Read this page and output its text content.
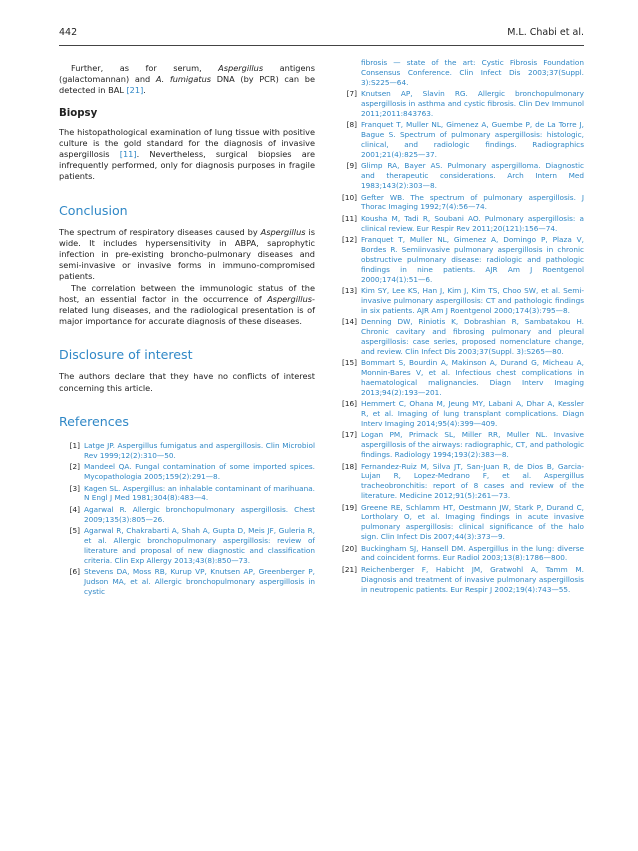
442	M.L. Chabi et al.

Further, as for serum, Aspergillus antigens (galactomannan) and A. fumigatus DNA (by PCR) can be detected in BAL [21].

Biopsy

The histopathological examination of lung tissue with positive culture is the gold standard for the diagnosis of invasive aspergillosis [11]. Nevertheless, surgical biopsies are infrequently performed, only for diagnosis purposes in fragile patients.

Conclusion

The spectrum of respiratory diseases caused by Aspergillus is wide. It includes hypersensitivity in ABPA, saprophytic infection in pre-existing broncho-pulmonary diseases and semi-invasive or invasive forms in immuno-compromised patients.

The correlation between the immunologic status of the host, an essential factor in the occurrence of Aspergillus-related lung diseases, and the radiological presentation is of major importance for accurate diagnosis of these diseases.

Disclosure of interest

The authors declare that they have no conflicts of interest concerning this article.

References
[1] Latge JP. Aspergillus fumigatus and aspergillosis. Clin Microbiol Rev 1999;12(2):310—50.
[2] Mandeel QA. Fungal contamination of some imported spices. Mycopathologia 2005;159(2):291—8.
[3] Kagen SL. Aspergillus: an inhalable contaminant of marihuana. N Engl J Med 1981;304(8):483—4.
[4] Agarwal R. Allergic bronchopulmonary aspergillosis. Chest 2009;135(3):805—26.
[5] Agarwal R, Chakrabarti A, Shah A, Gupta D, Meis JF, Guleria R, et al. Allergic bronchopulmonary aspergillosis: review of literature and proposal of new diagnostic and classification criteria. Clin Exp Allergy 2013;43(8):850—73.
[6] Stevens DA, Moss RB, Kurup VP, Knutsen AP, Greenberger P, Judson MA, et al. Allergic bronchopulmonary aspergillosis in cystic
fibrosis — state of the art: Cystic Fibrosis Foundation Consensus Conference. Clin Infect Dis 2003;37(Suppl. 3):S225—64.
[7] Knutsen AP, Slavin RG. Allergic bronchopulmonary aspergillosis in asthma and cystic fibrosis. Clin Dev Immunol 2011;2011:843763.
[8] Franquet T, Muller NL, Gimenez A, Guembe P, de La Torre J, Bague S. Spectrum of pulmonary aspergillosis: histologic, clinical, and radiologic findings. Radiographics 2001;21(4):825—37.
[9] Glimp RA, Bayer AS. Pulmonary aspergilloma. Diagnostic and therapeutic considerations. Arch Intern Med 1983;143(2):303—8.
[10] Gefter WB. The spectrum of pulmonary aspergillosis. J Thorac Imaging 1992;7(4):56—74.
[11] Kousha M, Tadi R, Soubani AO. Pulmonary aspergillosis: a clinical review. Eur Respir Rev 2011;20(121):156—74.
[12] Franquet T, Muller NL, Gimenez A, Domingo P, Plaza V, Bordes R. Semiinvasive pulmonary aspergillosis in chronic obstructive pulmonary disease: radiologic and pathologic findings in nine patients. AJR Am J Roentgenol 2000;174(1):51—6.
[13] Kim SY, Lee KS, Han J, Kim J, Kim TS, Choo SW, et al. Semi-invasive pulmonary aspergillosis: CT and pathologic findings in six patients. AJR Am J Roentgenol 2000;174(3):795—8.
[14] Denning DW, Riniotis K, Dobrashian R, Sambatakou H. Chronic cavitary and fibrosing pulmonary and pleural aspergillosis: case series, proposed nomenclature change, and review. Clin Infect Dis 2003;37(Suppl. 3):S265—80.
[15] Bommart S, Bourdin A, Makinson A, Durand G, Micheau A, Monnin-Bares V, et al. Infectious chest complications in haematological malignancies. Diagn Interv Imaging 2013;94(2):193—201.
[16] Hemmert C, Ohana M, Jeung MY, Labani A, Dhar A, Kessler R, et al. Imaging of lung transplant complications. Diagn Interv Imaging 2014;95(4):399—409.
[17] Logan PM, Primack SL, Miller RR, Muller NL. Invasive aspergillosis of the airways: radiographic, CT, and pathologic findings. Radiology 1994;193(2):383—8.
[18] Fernandez-Ruiz M, Silva JT, San-Juan R, de Dios B, Garcia-Lujan R, Lopez-Medrano F, et al. Aspergillus tracheobronchitis: report of 8 cases and review of the literature. Medicine 2012;91(5):261—73.
[19] Greene RE, Schlamm HT, Oestmann JW, Stark P, Durand C, Lortholary O, et al. Imaging findings in acute invasive pulmonary aspergillosis: clinical significance of the halo sign. Clin Infect Dis 2007;44(3):373—9.
[20] Buckingham SJ, Hansell DM. Aspergillus in the lung: diverse and coincident forms. Eur Radiol 2003;13(8):1786—800.
[21] Reichenberger F, Habicht JM, Gratwohl A, Tamm M. Diagnosis and treatment of invasive pulmonary aspergillosis in neutropenic patients. Eur Respir J 2002;19(4):743—55.
